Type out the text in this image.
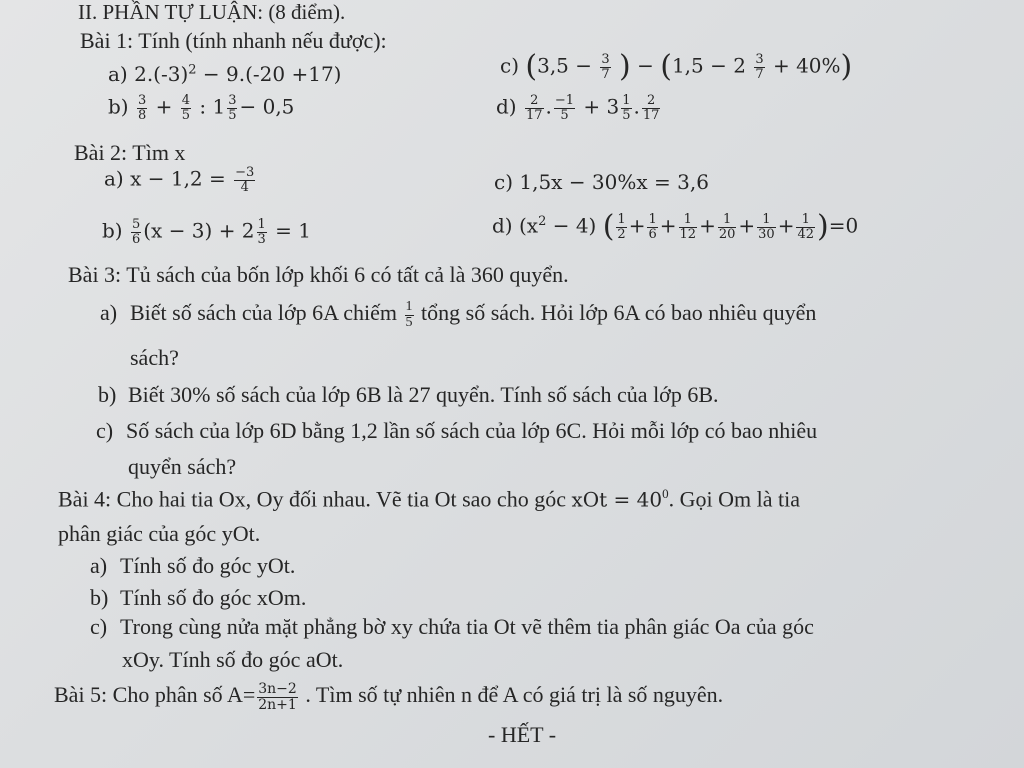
II. PHẦN TỰ LUẬN: (8 điểm).
Bài 1: Tính (tính nhanh nếu được):
a) $2.(-3)^2 - 9.(-20 +17)$	c) ($3,5 - \frac{3}{7}$ ) − $(1,5 - 2 \frac{3}{7} + 40\%)$
$b) \frac{3}{8} + \frac{4}{5}$ : $1 \frac{3}{5} - 0,5$	$d) \frac{2}{17}$ . $\frac{-1}{5} + 3 \frac{1}{5}$ . $\frac{2}{17}$
Bài 2: Tìm x
a) $x - 1,2 = \frac{-3}{4}$	c) 1,5x − 30%x = 3,6
$b) \frac{5}{6} (x - 3) + 2 \frac{1}{3} = 1$	d) $(x^2 - 4)$ ( $\frac{1}{2} + \frac{1}{6} + \frac{1}{12} + \frac{1}{20} + \frac{1}{30} + \frac{1}{42} )=0$
Bài 3: Tủ sách của bốn lớp khối 6 có tất cả là 360 quyển.
a) Biết số sách của lớp 6A chiếm $\frac{1}{5}$ tổng số sách. Hỏi lớp 6A có bao nhiêu quyển
sách?
b) Biết 30% số sách của lớp 6B là 27 quyển. Tính số sách của lớp 6B.
c) Số sách của lớp 6D bằng 1,2 lần số sách của lớp 6C. Hỏi mỗi lớp có bao nhiêu
quyển sách?
Bài 4: Cho hai tia Ox, Oy đối nhau. Vẽ tia Ot sao cho góc xOt = $40^0$. Gọi Om là tia
phân giác của góc yOt.
a) Tính số đo góc yOt.
b) Tính số đo góc xOm.
c) Trong cùng nửa mặt phẳng bờ xy chứa tia Ot vẽ thêm tia phân giác Oa của góc
xOy. Tính số đo góc aOt.
Bài 5: Cho phân số $A= \frac{3n-2}{2n+1}$ . Tìm số tự nhiên n để A có giá trị là số nguyên.
- HẾT -
